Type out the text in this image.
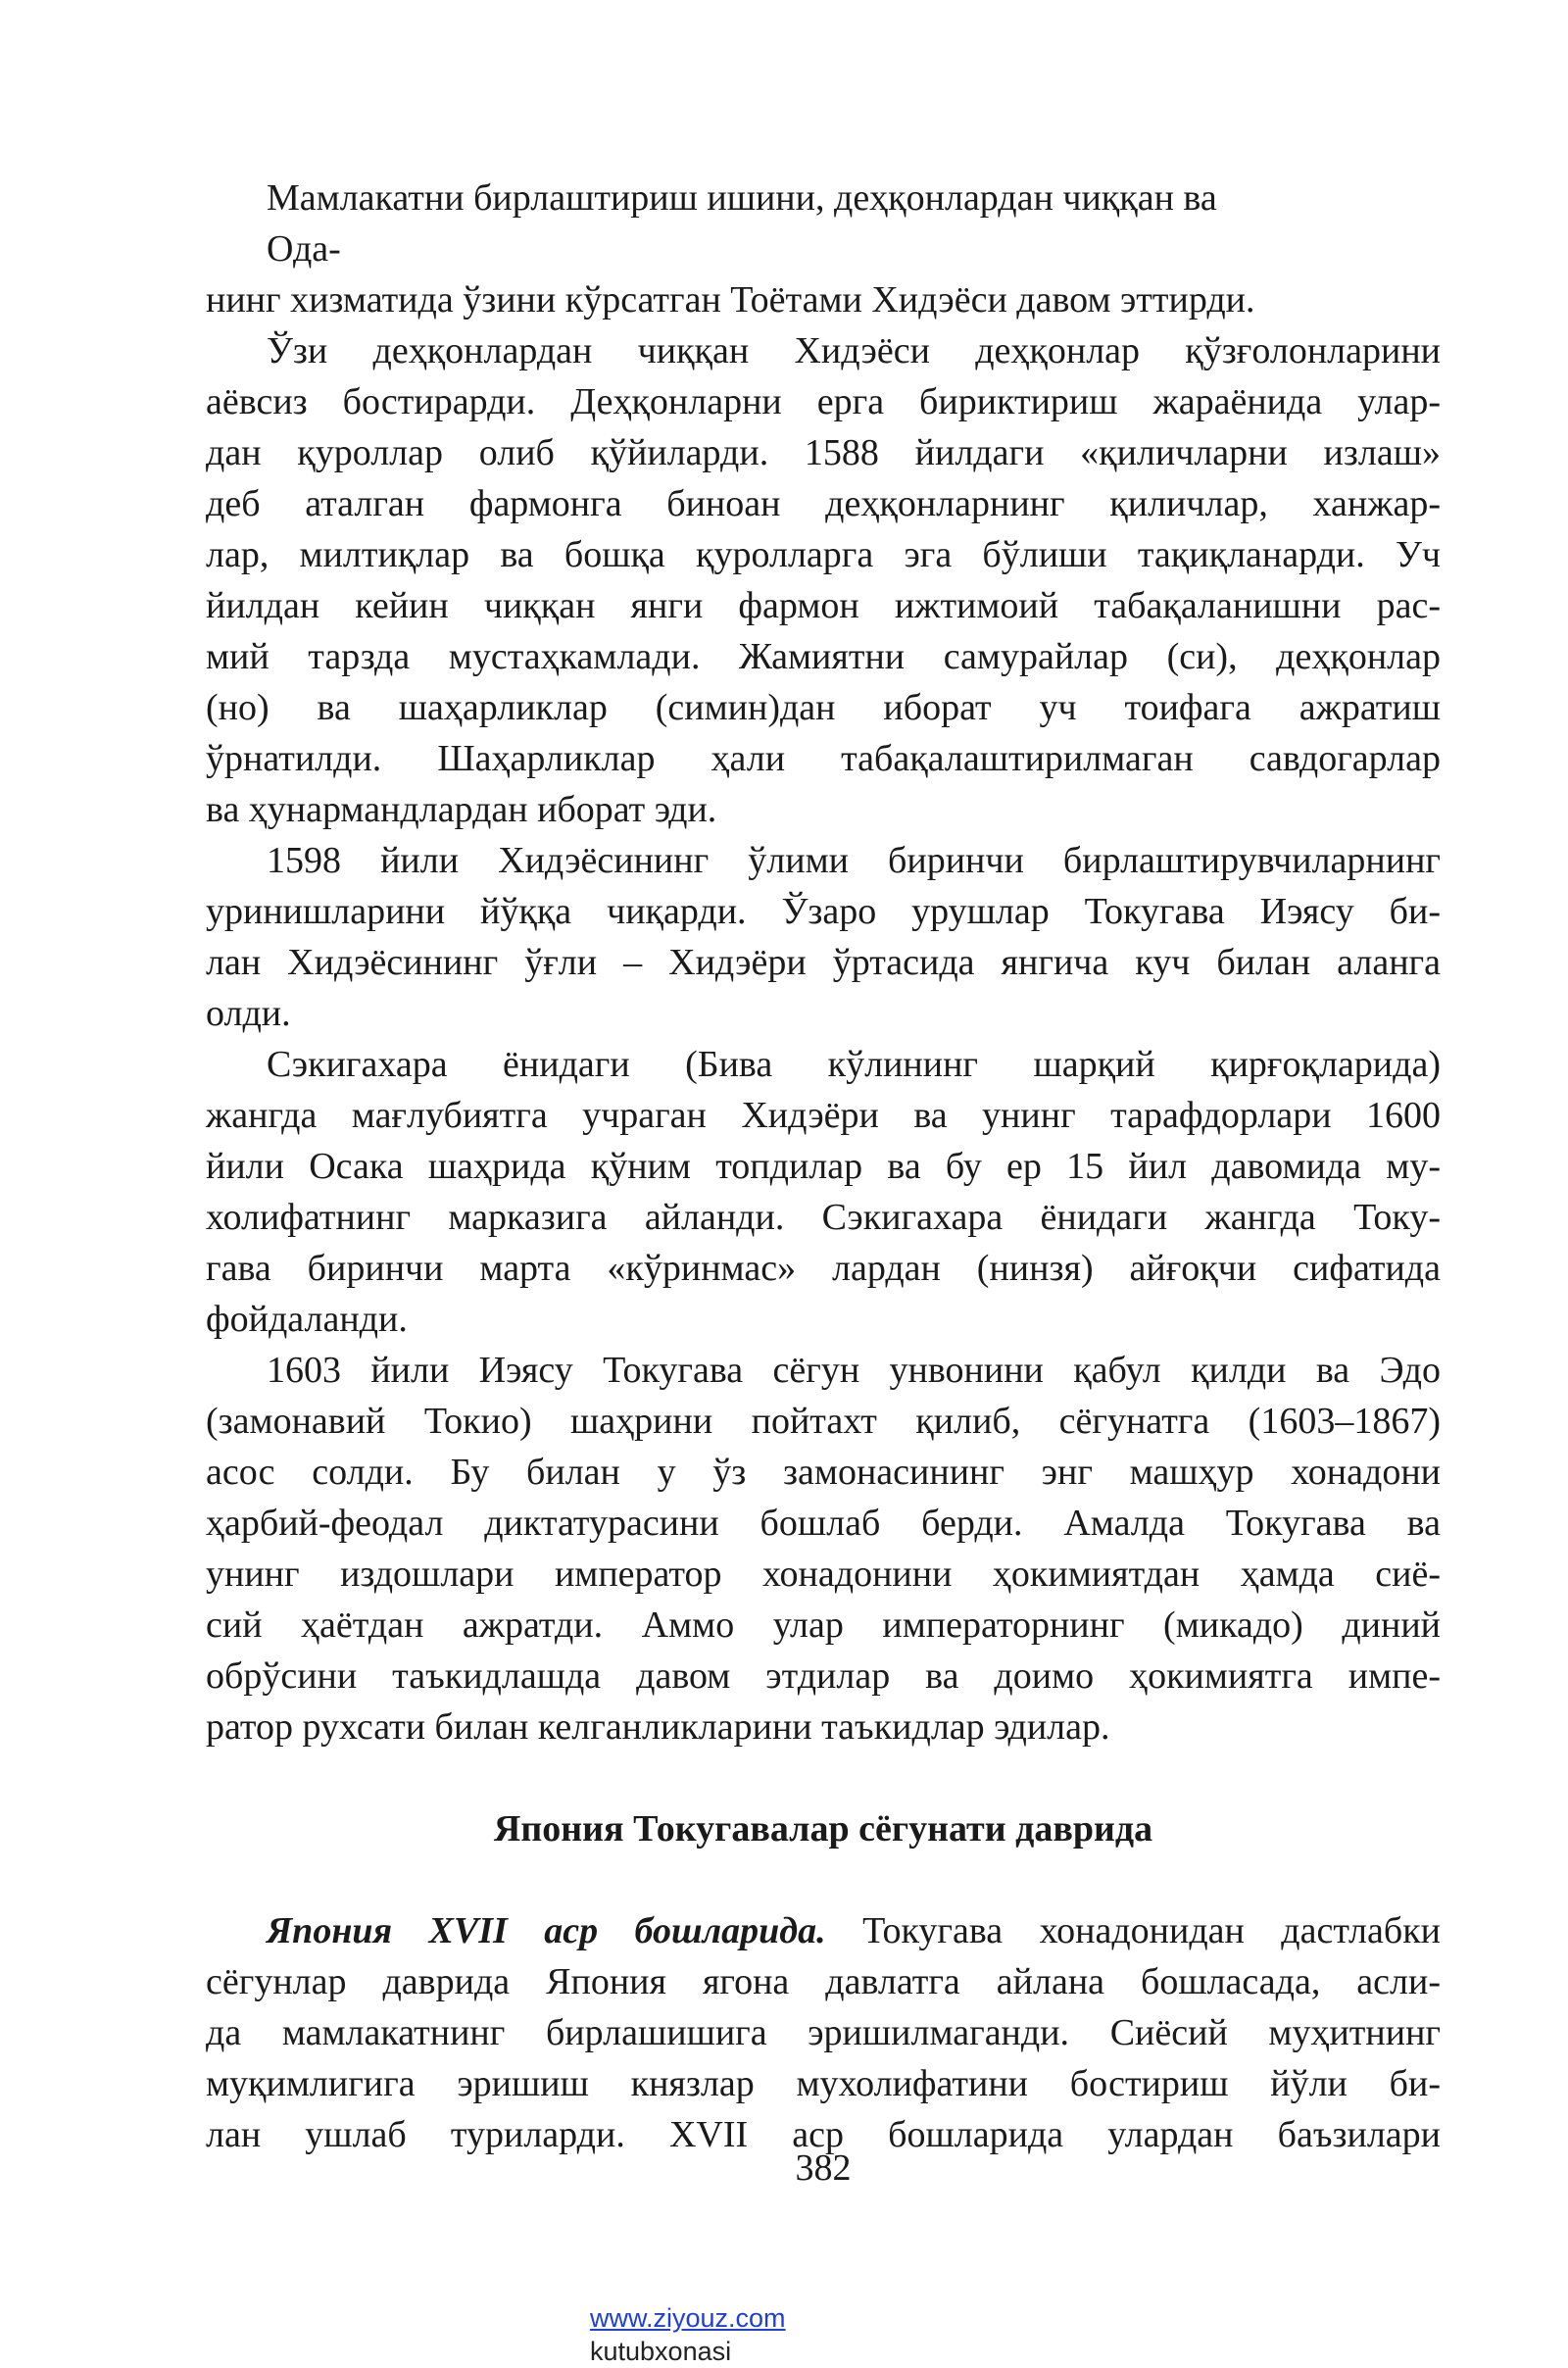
Мамлакатни бирлаштириш ишини, деҳқонлардан чиққан ва
Ода-
нинг хизматида ўзини кўрсатган Тоётами Хидэёси давом эттирди.
Ўзи деҳқонлардан чиққан Хидэёси деҳқонлар қўзғолонларини
аёвсиз бостирарди. Деҳқонларни ерга бириктириш жараёнида улар-
дан қуроллар олиб қўйиларди. 1588 йилдаги «қиличларни излаш»
деб аталган фармонга биноан деҳқонларнинг қиличлар, ханжар-
лар, милтиқлар ва бошқа қуролларга эга бўлиши тақиқланарди. Уч
йилдан кейин чиққан янги фармон ижтимоий табақаланишни рас-
мий тарзда мустаҳкамлади. Жамиятни самурайлар (си), деҳқонлар
(но) ва шаҳарликлар (симин)дан иборат уч тоифага ажратиш
ўрнатилди. Шаҳарликлар ҳали табақалаштирилмаган савдогарлар
ва ҳунармандлардан иборат эди.
1598 йили Хидэёсининг ўлими биринчи бирлаштирувчиларнинг
уринишларини йўққа чиқарди. Ўзаро урушлар Токугава Иэясу би-
лан Хидэёсининг ўғли – Хидэёри ўртасида янгича куч билан аланга
олди.
Сэкигахара ёнидаги (Бива кўлининг шарқий қирғоқларида)
жангда мағлубиятга учраган Хидэёри ва унинг тарафдорлари 1600
йили Осака шаҳрида қўним топдилар ва бу ер 15 йил давомида му-
холифатнинг марказига айланди. Сэкигахара ёнидаги жангда Току-
гава биринчи марта «кўринмас» лардан (нинзя) айғоқчи сифатида
фойдаланди.
1603 йили Иэясу Токугава сёгун унвонини қабул қилди ва Эдо
(замонавий Токио) шаҳрини пойтахт қилиб, сёгунатга (1603–1867)
асос солди. Бу билан у ўз замонасининг энг машҳур хонадони
ҳарбий-феодал диктатурасини бошлаб берди. Амалда Токугава ва
унинг издошлари император хонадонини ҳокимиятдан ҳамда сиё-
сий ҳаётдан ажратди. Аммо улар императорнинг (микадо) диний
обрўсини таъкидлашда давом этдилар ва доимо ҳокимиятга импе-
ратор рухсати билан келганликларини таъкидлар эдилар.
Япония Токугавалар сёгунати даврида
Япония XVII аср бошларида. Токугава хонадонидан дастлабки
сёгунлар даврида Япония ягона давлатга айлана бошласада, асли-
да мамлакатнинг бирлашишига эришилмаганди. Сиёсий муҳитнинг
муқимлигига эришиш князлар мухолифатини бостириш йўли би-
лан ушлаб туриларди. XVII аср бошларида улардан баъзилари
382
www.ziyouz.com
kutubxonasi
